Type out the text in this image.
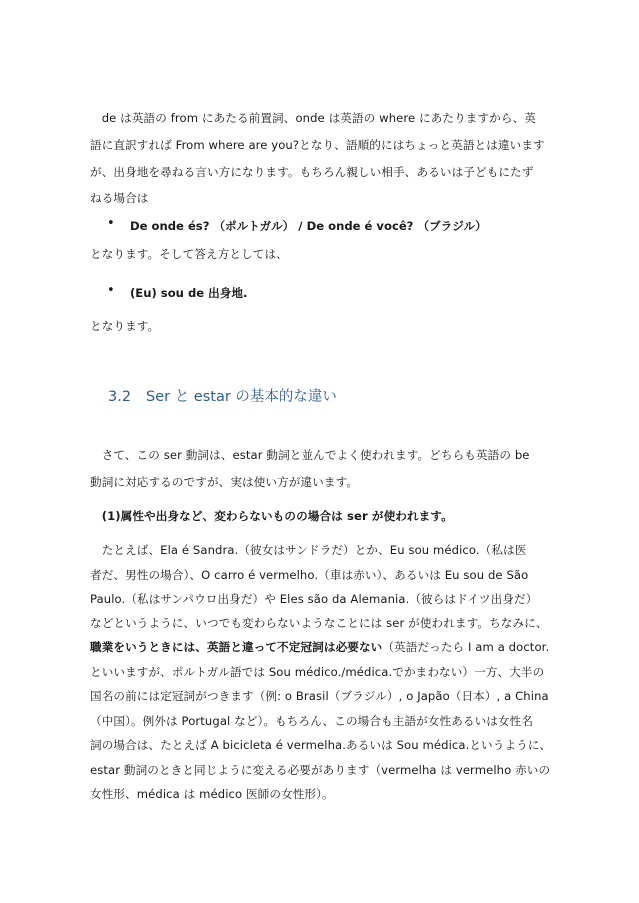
　de は英語の from にあたる前置詞、onde は英語の where にあたりますから、英
語に直訳すれば From where are you?となり、語順的にはちょっと英語とは違います
が、出身地を尋ねる言い方になります。もちろん親しい相手、あるいは子どもにたず
ねる場合は
• De onde és? （ポルトガル） / De onde é você? （ブラジル）
となります。そして答え方としては、
• (Eu) sou de 出身地.
となります。
3.2 Ser と estar の基本的な違い
　さて、この ser 動詞は、estar 動詞と並んでよく使われます。どちらも英語の be
動詞に対応するのですが、実は使い方が違います。
　(1)属性や出身など、変わらないものの場合は ser が使われます。
　たとえば、Ela é Sandra.（彼女はサンドラだ）とか、Eu sou médico.（私は医
者だ、男性の場合）、O carro é vermelho.（車は赤い）、あるいは Eu sou de São
Paulo.（私はサンパウロ出身だ）や Eles são da Alemania.（彼らはドイツ出身だ）
などというように、いつでも変わらないようなことには ser が使われます。ちなみに、
職業をいうときには、英語と違って不定冠詞は必要ない（英語だったら I am a doctor.
といいますが、ポルトガル語では Sou médico./médica.でかまわない）一方、大半の
国名の前には定冠詞がつきます（例: o Brasil（ブラジル）, o Japão（日本）, a China
（中国）。例外は Portugal など）。もちろん、この場合も主語が女性あるいは女性名
詞の場合は、たとえば A bicicleta é vermelha.あるいは Sou médica.というように、
estar 動詞のときと同じように変える必要があります（vermelha は vermelho 赤いの
女性形、médica は médico 医師の女性形）。
